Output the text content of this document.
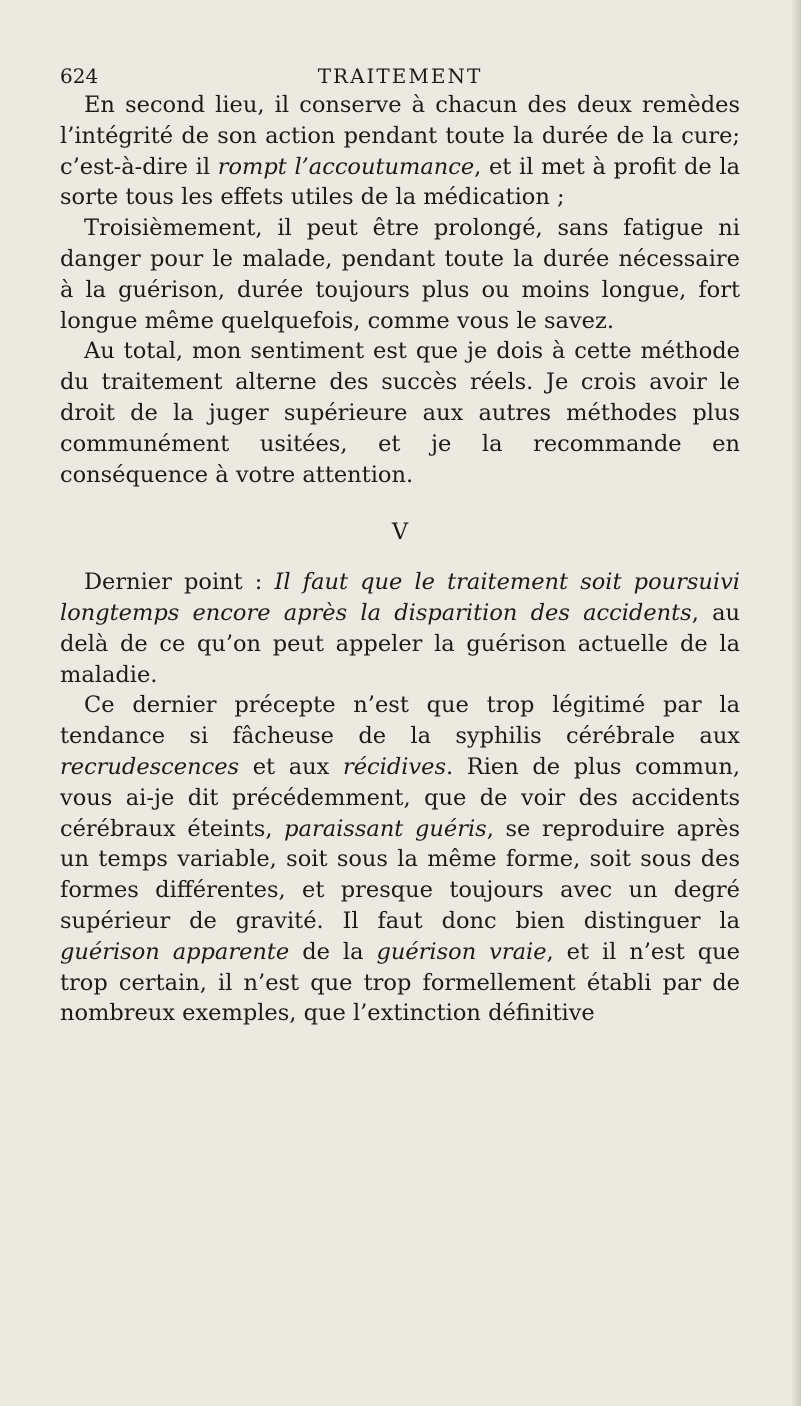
624	TRAITEMENT

En second lieu, il conserve à chacun des deux remèdes l’intégrité de son action pendant toute la durée de la cure; c’est-à-dire il rompt l’accoutumance, et il met à profit de la sorte tous les effets utiles de la médication ;

Troisièmement, il peut être prolongé, sans fatigue ni danger pour le malade, pendant toute la durée nécessaire à la guérison, durée toujours plus ou moins longue, fort longue même quelquefois, comme vous le savez.

Au total, mon sentiment est que je dois à cette méthode du traitement alterne des succès réels. Je crois avoir le droit de la juger supérieure aux autres méthodes plus communément usitées, et je la recommande en conséquence à votre attention.

V

Dernier point : Il faut que le traitement soit poursuivi longtemps encore après la disparition des accidents, au delà de ce qu’on peut appeler la guérison actuelle de la maladie.

Ce dernier précepte n’est que trop légitimé par la tendance si fâcheuse de la syphilis cérébrale aux recrudescences et aux récidives. Rien de plus commun, vous ai-je dit précédemment, que de voir des accidents cérébraux éteints, paraissant guéris, se reproduire après un temps variable, soit sous la même forme, soit sous des formes différentes, et presque toujours avec un degré supérieur de gravité. Il faut donc bien distinguer la guérison apparente de la guérison vraie, et il n’est que trop certain, il n’est que trop formellement établi par de nombreux exemples, que l’extinction définitive
